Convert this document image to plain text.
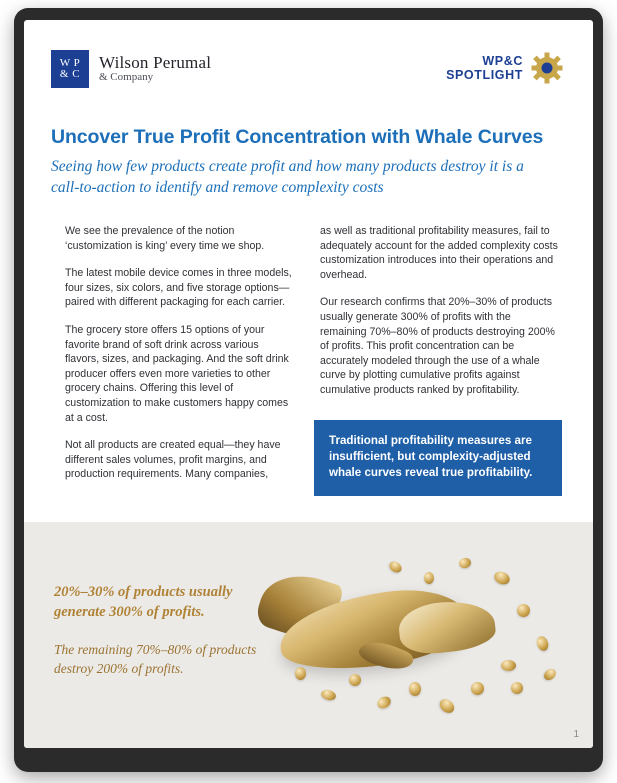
W P
& C
Wilson Perumal
& Company
WP&C
SPOTLIGHT
Uncover True Profit Concentration with Whale Curves
Seeing how few products create profit and how many products destroy it is a call-to-action to identify and remove complexity costs

We see the prevalence of the notion ‘customization is king’ every time we shop.

The latest mobile device comes in three models, four sizes, six colors, and five storage options—paired with different packaging for each carrier.

The grocery store offers 15 options of your favorite brand of soft drink across various flavors, sizes, and packaging. And the soft drink producer offers even more varieties to other grocery chains. Offering this level of customization to make customers happy comes at a cost.

Not all products are created equal—they have different sales volumes, profit margins, and production requirements. Many companies,

as well as traditional profitability measures, fail to adequately account for the added complexity costs customization introduces into their operations and overhead.

Our research confirms that 20%–30% of products usually generate 300% of profits with the remaining 70%–80% of products destroying 200% of profits. This profit concentration can be accurately modeled through the use of a whale curve by plotting cumulative profits against cumulative products ranked by profitability.

Traditional profitability measures are insufficient, but complexity-adjusted whale curves reveal true profitability.
20%–30% of products usually generate 300% of profits.
The remaining 70%–80% of products destroy 200% of profits.
1
